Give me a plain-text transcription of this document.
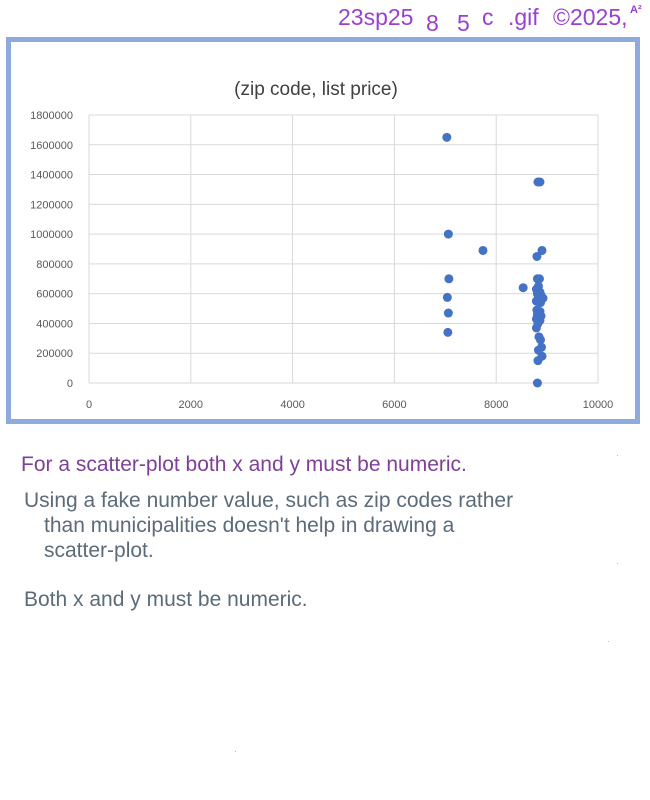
23sp25 8 5 c .gif ©2025, A²
(zip code, list price)
0
200000
400000
600000
800000
1000000
1200000
1400000
1600000
1800000
0	2000	4000	6000	8000	10000
For a scatter-plot both x and y must be numeric.
Using a fake number value, such as zip codes rather
than municipalities doesn't help in drawing a
scatter-plot.
Both x and y must be numeric.
